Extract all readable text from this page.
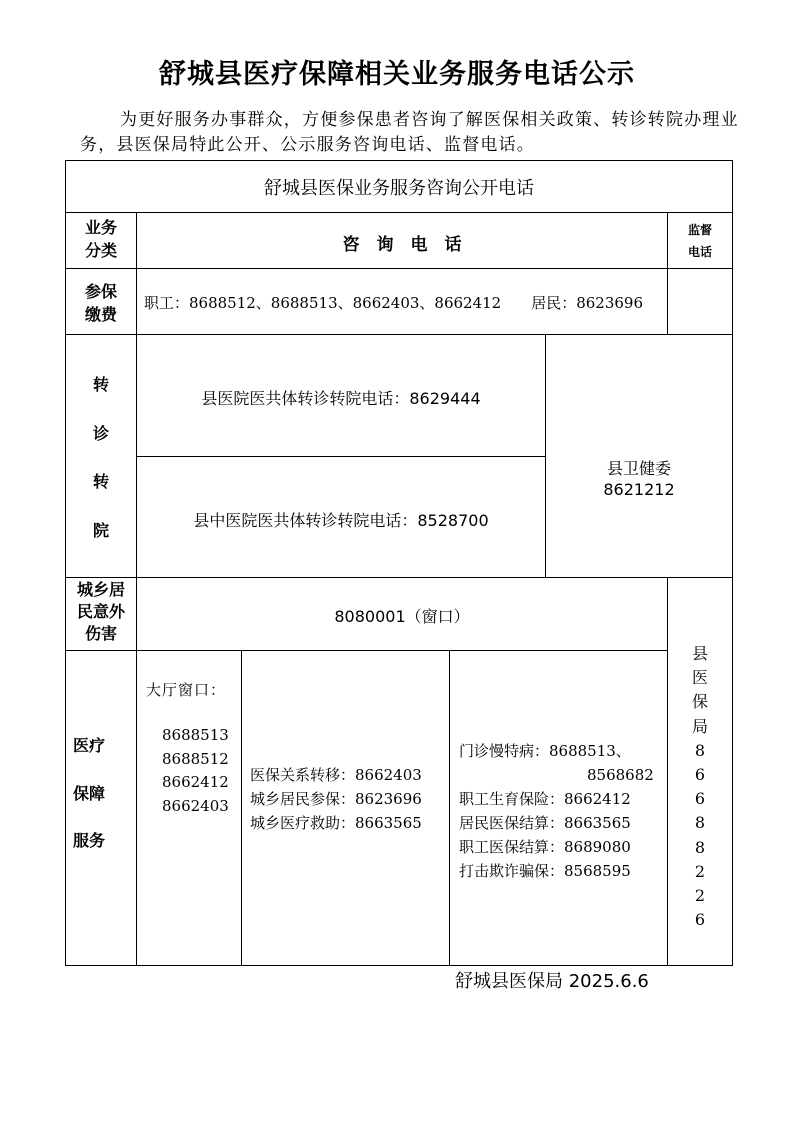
舒城县医疗保障相关业务服务电话公示
为更好服务办事群众，方便参保患者咨询了解医保相关政策、转诊转院办理业务，县医保局特此公开、公示服务咨询电话、监督电话。
舒城县医保业务服务咨询公开电话
业务
分类	咨　询　电　话
监督
电话
参保
缴费
职工：8688512、8688513、8662403、8662412　　居民：8623696
转
诊
转
院
县医院医共体转诊转院电话：8629444
县中医院医共体转诊转院电话：8528700
县卫健委
8621212
城乡居
民意外
伤害
8080001（窗口）
医疗
保障
服务
大厅窗口：
8688513
8688512
8662412
8662403
医保关系转移：8662403
城乡居民参保：8623696
城乡医疗救助：8663565
门诊慢特病：8688513、
8568682
职工生育保险：8662412
居民医保结算：8663565
职工医保结算：8689080
打击欺诈骗保：8568595
县
医
保
局
8
6
6
8
8
2
2
6
舒城县医保局 2025.6.6
